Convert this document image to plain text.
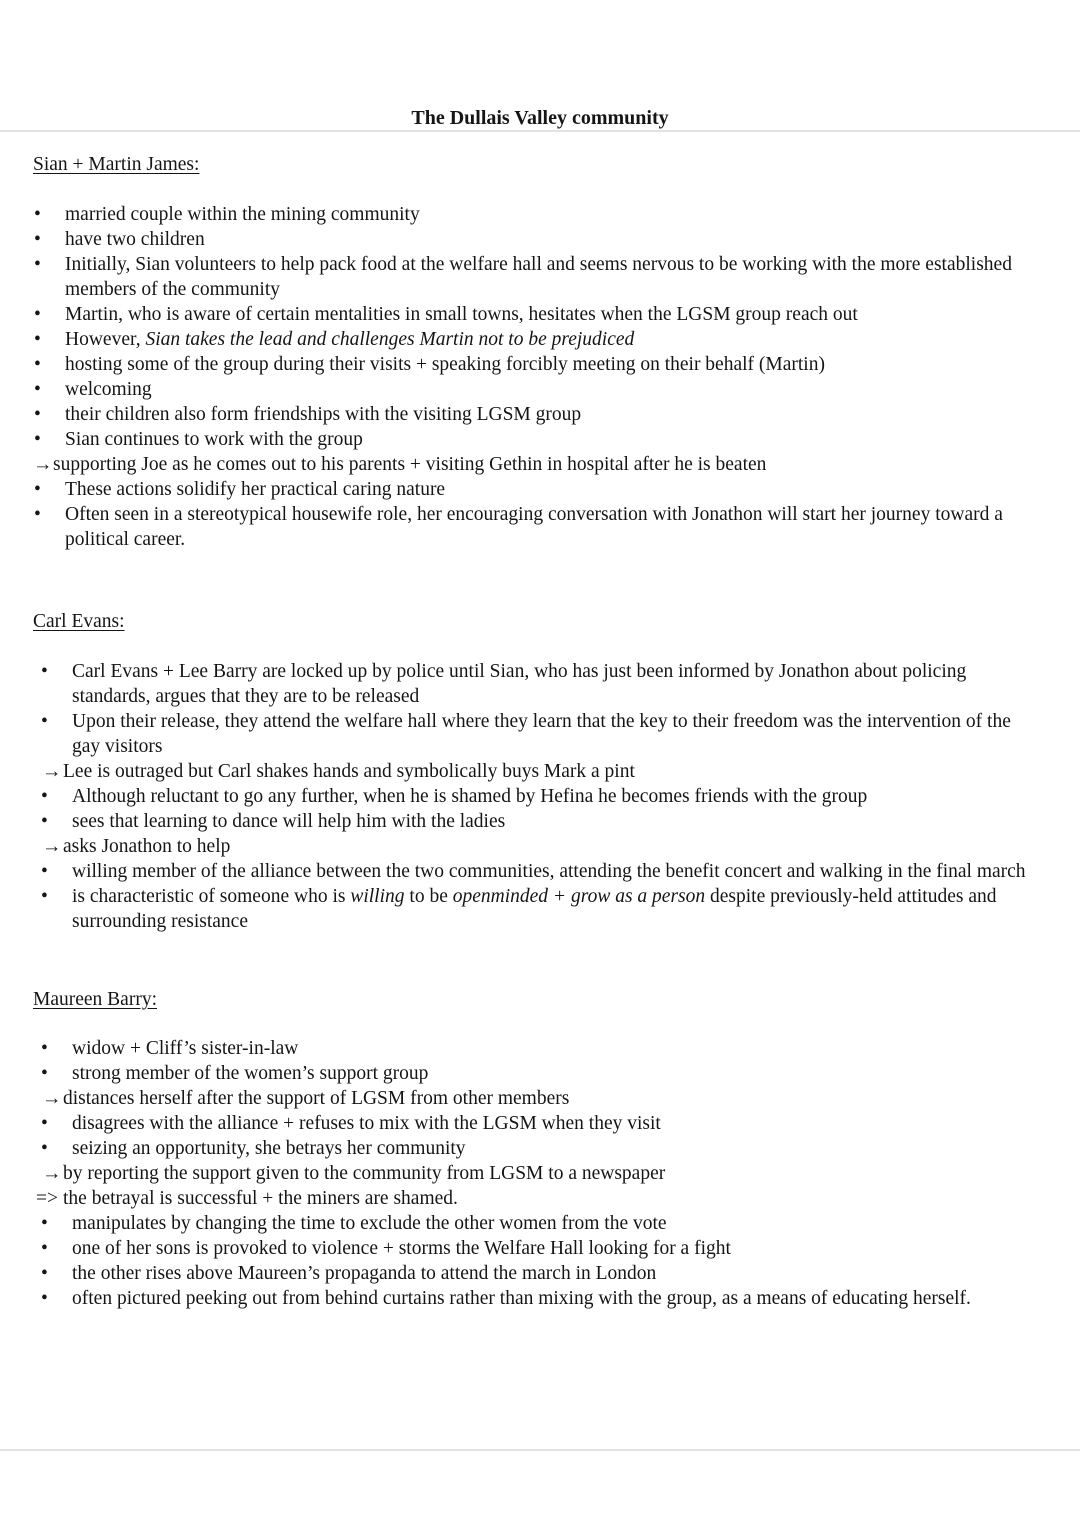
The Dullais Valley community
Sian + Martin James:
• married couple within the mining community
• have two children
• Initially, Sian volunteers to help pack food at the welfare hall and seems nervous to be working with the more established members of the community
• Martin, who is aware of certain mentalities in small towns, hesitates when the LGSM group reach out
• However, Sian takes the lead and challenges Martin not to be prejudiced
• hosting some of the group during their visits + speaking forcibly meeting on their behalf (Martin)
• welcoming
• their children also form friendships with the visiting LGSM group
• Sian continues to work with the group
→ supporting Joe as he comes out to his parents + visiting Gethin in hospital after he is beaten
• These actions solidify her practical caring nature
• Often seen in a stereotypical housewife role, her encouraging conversation with Jonathon will start her journey toward a political career.
Carl Evans:
• Carl Evans + Lee Barry are locked up by police until Sian, who has just been informed by Jonathon about policing standards, argues that they are to be released
• Upon their release, they attend the welfare hall where they learn that the key to their freedom was the intervention of the gay visitors
→ Lee is outraged but Carl shakes hands and symbolically buys Mark a pint
• Although reluctant to go any further, when he is shamed by Hefina he becomes friends with the group
• sees that learning to dance will help him with the ladies
→ asks Jonathon to help
• willing member of the alliance between the two communities, attending the benefit concert and walking in the final march
• is characteristic of someone who is willing to be openminded + grow as a person despite previously-held attitudes and surrounding resistance
Maureen Barry:
• widow + Cliff’s sister-in-law
• strong member of the women’s support group
→ distances herself after the support of LGSM from other members
• disagrees with the alliance + refuses to mix with the LGSM when they visit
• seizing an opportunity, she betrays her community
→ by reporting the support given to the community from LGSM to a newspaper
=> the betrayal is successful + the miners are shamed.
• manipulates by changing the time to exclude the other women from the vote
• one of her sons is provoked to violence + storms the Welfare Hall looking for a fight
• the other rises above Maureen’s propaganda to attend the march in London
• often pictured peeking out from behind curtains rather than mixing with the group, as a means of educating herself.
